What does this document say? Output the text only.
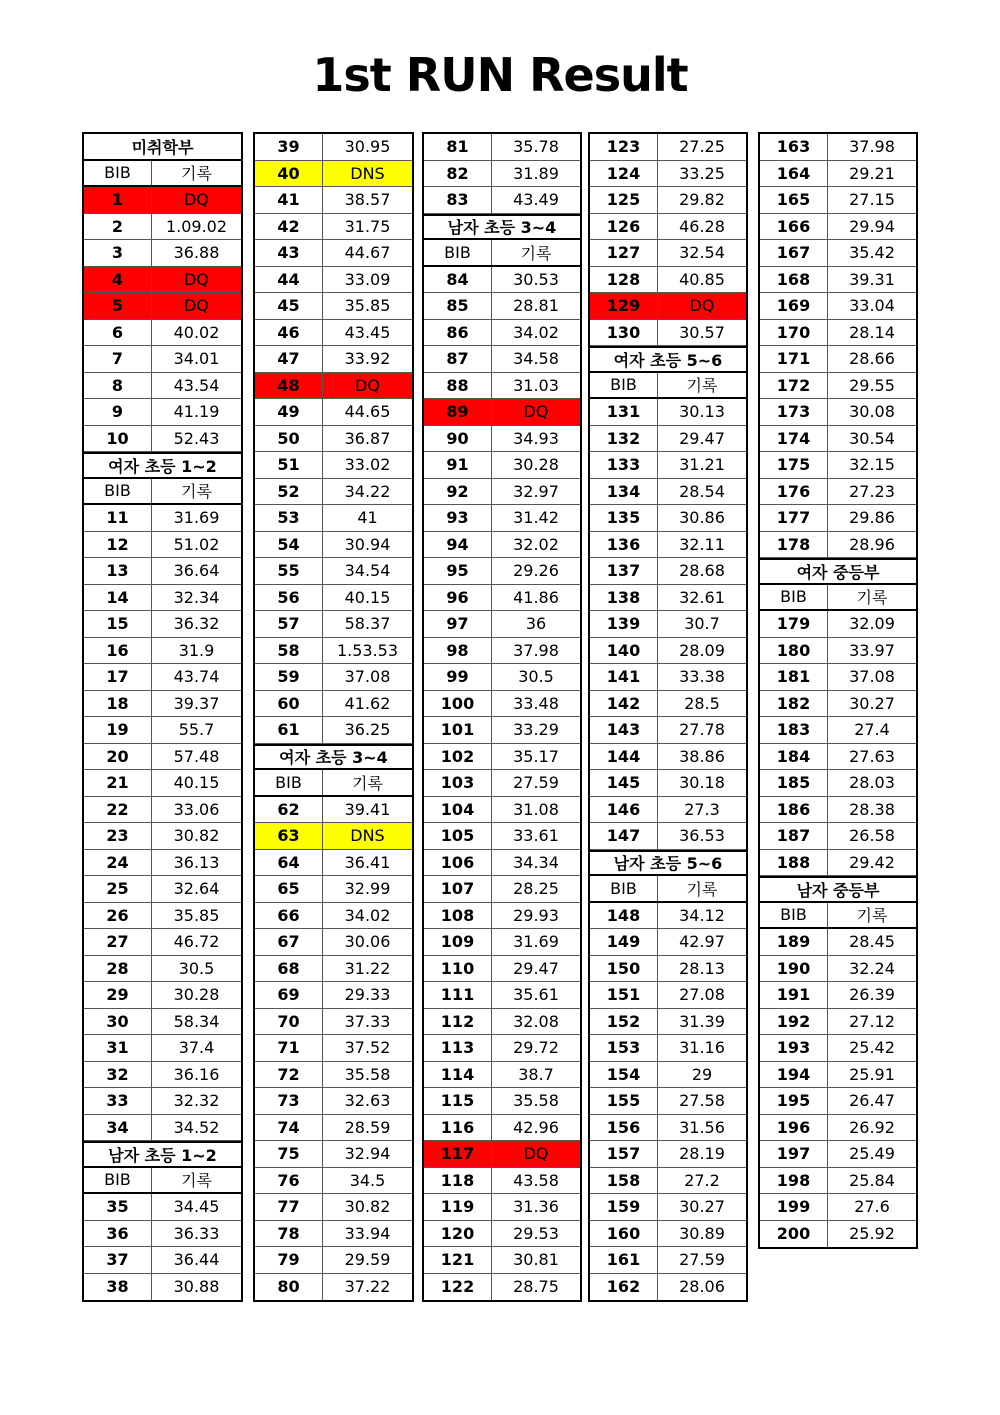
1st RUN Result
미취학부
BIB	기록
1	DQ
2	1.09.02
3	36.88
4	DQ
5	DQ
6	40.02
7	34.01
8	43.54
9	41.19
10	52.43
여자 초등 1~2
BIB	기록
11	31.69
12	51.02
13	36.64
14	32.34
15	36.32
16	31.9
17	43.74
18	39.37
19	55.7
20	57.48
21	40.15
22	33.06
23	30.82
24	36.13
25	32.64
26	35.85
27	46.72
28	30.5
29	30.28
30	58.34
31	37.4
32	36.16
33	32.32
34	34.52
남자 초등 1~2
BIB	기록
35	34.45
36	36.33
37	36.44
38	30.88
39	30.95
40	DNS
41	38.57
42	31.75
43	44.67
44	33.09
45	35.85
46	43.45
47	33.92
48	DQ
49	44.65
50	36.87
51	33.02
52	34.22
53	41
54	30.94
55	34.54
56	40.15
57	58.37
58	1.53.53
59	37.08
60	41.62
61	36.25
여자 초등 3~4
BIB	기록
62	39.41
63	DNS
64	36.41
65	32.99
66	34.02
67	30.06
68	31.22
69	29.33
70	37.33
71	37.52
72	35.58
73	32.63
74	28.59
75	32.94
76	34.5
77	30.82
78	33.94
79	29.59
80	37.22
81	35.78
82	31.89
83	43.49
남자 초등 3~4
BIB	기록
84	30.53
85	28.81
86	34.02
87	34.58
88	31.03
89	DQ
90	34.93
91	30.28
92	32.97
93	31.42
94	32.02
95	29.26
96	41.86
97	36
98	37.98
99	30.5
100	33.48
101	33.29
102	35.17
103	27.59
104	31.08
105	33.61
106	34.34
107	28.25
108	29.93
109	31.69
110	29.47
111	35.61
112	32.08
113	29.72
114	38.7
115	35.58
116	42.96
117	DQ
118	43.58
119	31.36
120	29.53
121	30.81
122	28.75
123	27.25
124	33.25
125	29.82
126	46.28
127	32.54
128	40.85
129	DQ
130	30.57
여자 초등 5~6
BIB	기록
131	30.13
132	29.47
133	31.21
134	28.54
135	30.86
136	32.11
137	28.68
138	32.61
139	30.7
140	28.09
141	33.38
142	28.5
143	27.78
144	38.86
145	30.18
146	27.3
147	36.53
남자 초등 5~6
BIB	기록
148	34.12
149	42.97
150	28.13
151	27.08
152	31.39
153	31.16
154	29
155	27.58
156	31.56
157	28.19
158	27.2
159	30.27
160	30.89
161	27.59
162	28.06
163	37.98
164	29.21
165	27.15
166	29.94
167	35.42
168	39.31
169	33.04
170	28.14
171	28.66
172	29.55
173	30.08
174	30.54
175	32.15
176	27.23
177	29.86
178	28.96
여자 중등부
BIB	기록
179	32.09
180	33.97
181	37.08
182	30.27
183	27.4
184	27.63
185	28.03
186	28.38
187	26.58
188	29.42
남자 중등부
BIB	기록
189	28.45
190	32.24
191	26.39
192	27.12
193	25.42
194	25.91
195	26.47
196	26.92
197	25.49
198	25.84
199	27.6
200	25.92
